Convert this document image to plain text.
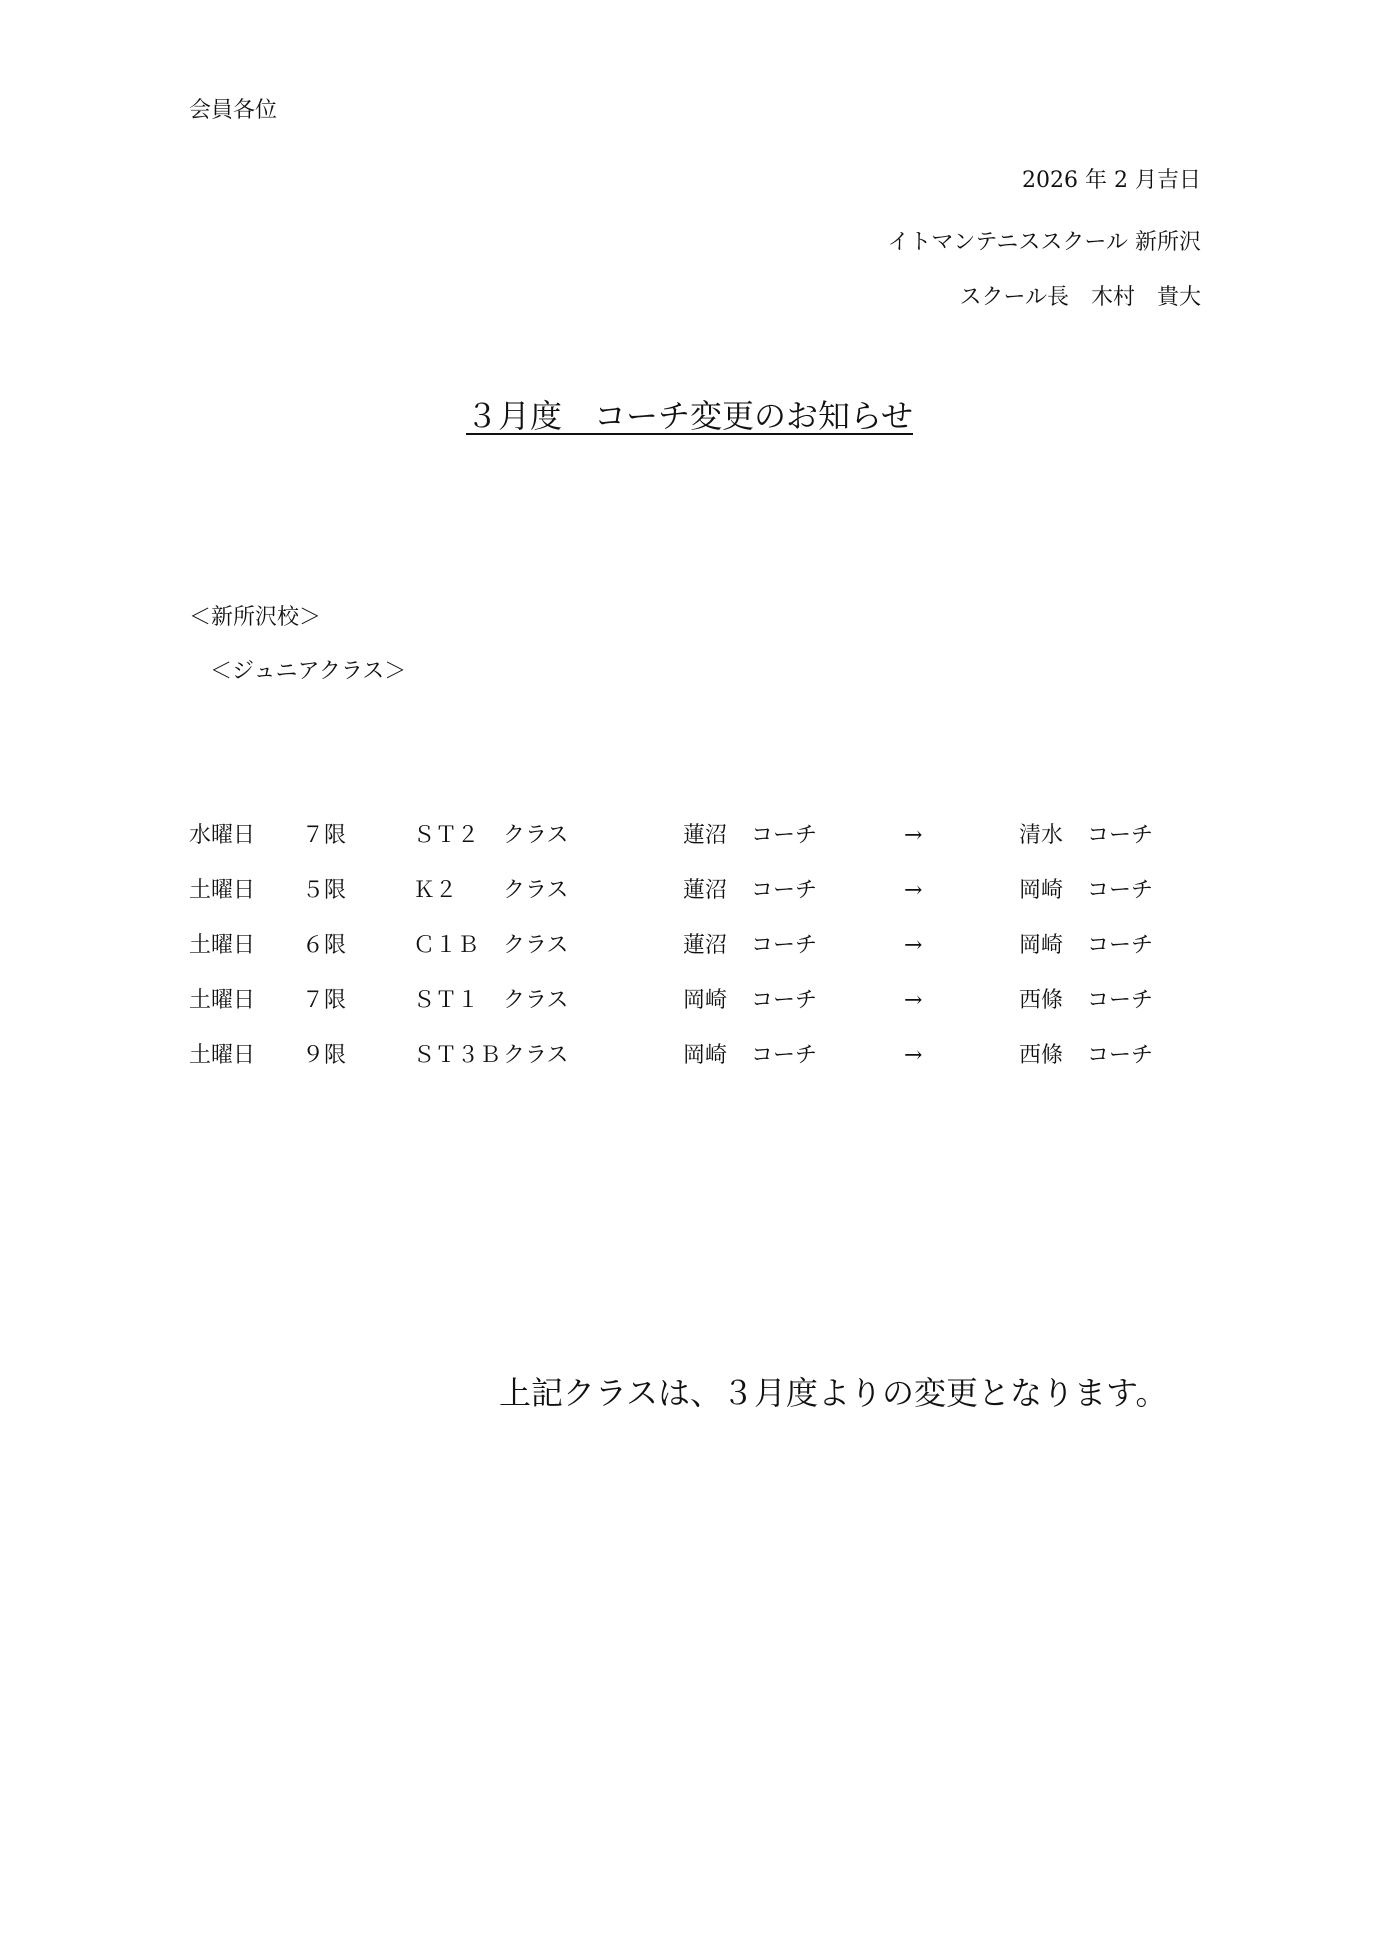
会員各位
2026 年 2 月吉日
イトマンテニススクール 新所沢
スクール長　木村　貴大
３月度　コーチ変更のお知らせ
＜新所沢校＞
＜ジュニアクラス＞
水曜日 ７限	ＳＴ２ クラス	蓮沼 コーチ	→	清水 コーチ
土曜日 ５限	Ｋ２ クラス	蓮沼 コーチ	→	岡崎 コーチ
土曜日 ６限	Ｃ１Ｂ クラス	蓮沼 コーチ	→	岡崎 コーチ
土曜日 ７限	ＳＴ１ クラス	岡崎 コーチ	→	西條 コーチ
土曜日 ９限	ＳＴ３Ｂ クラス	岡崎 コーチ	→	西條 コーチ
上記クラスは、３月度よりの変更となります。
